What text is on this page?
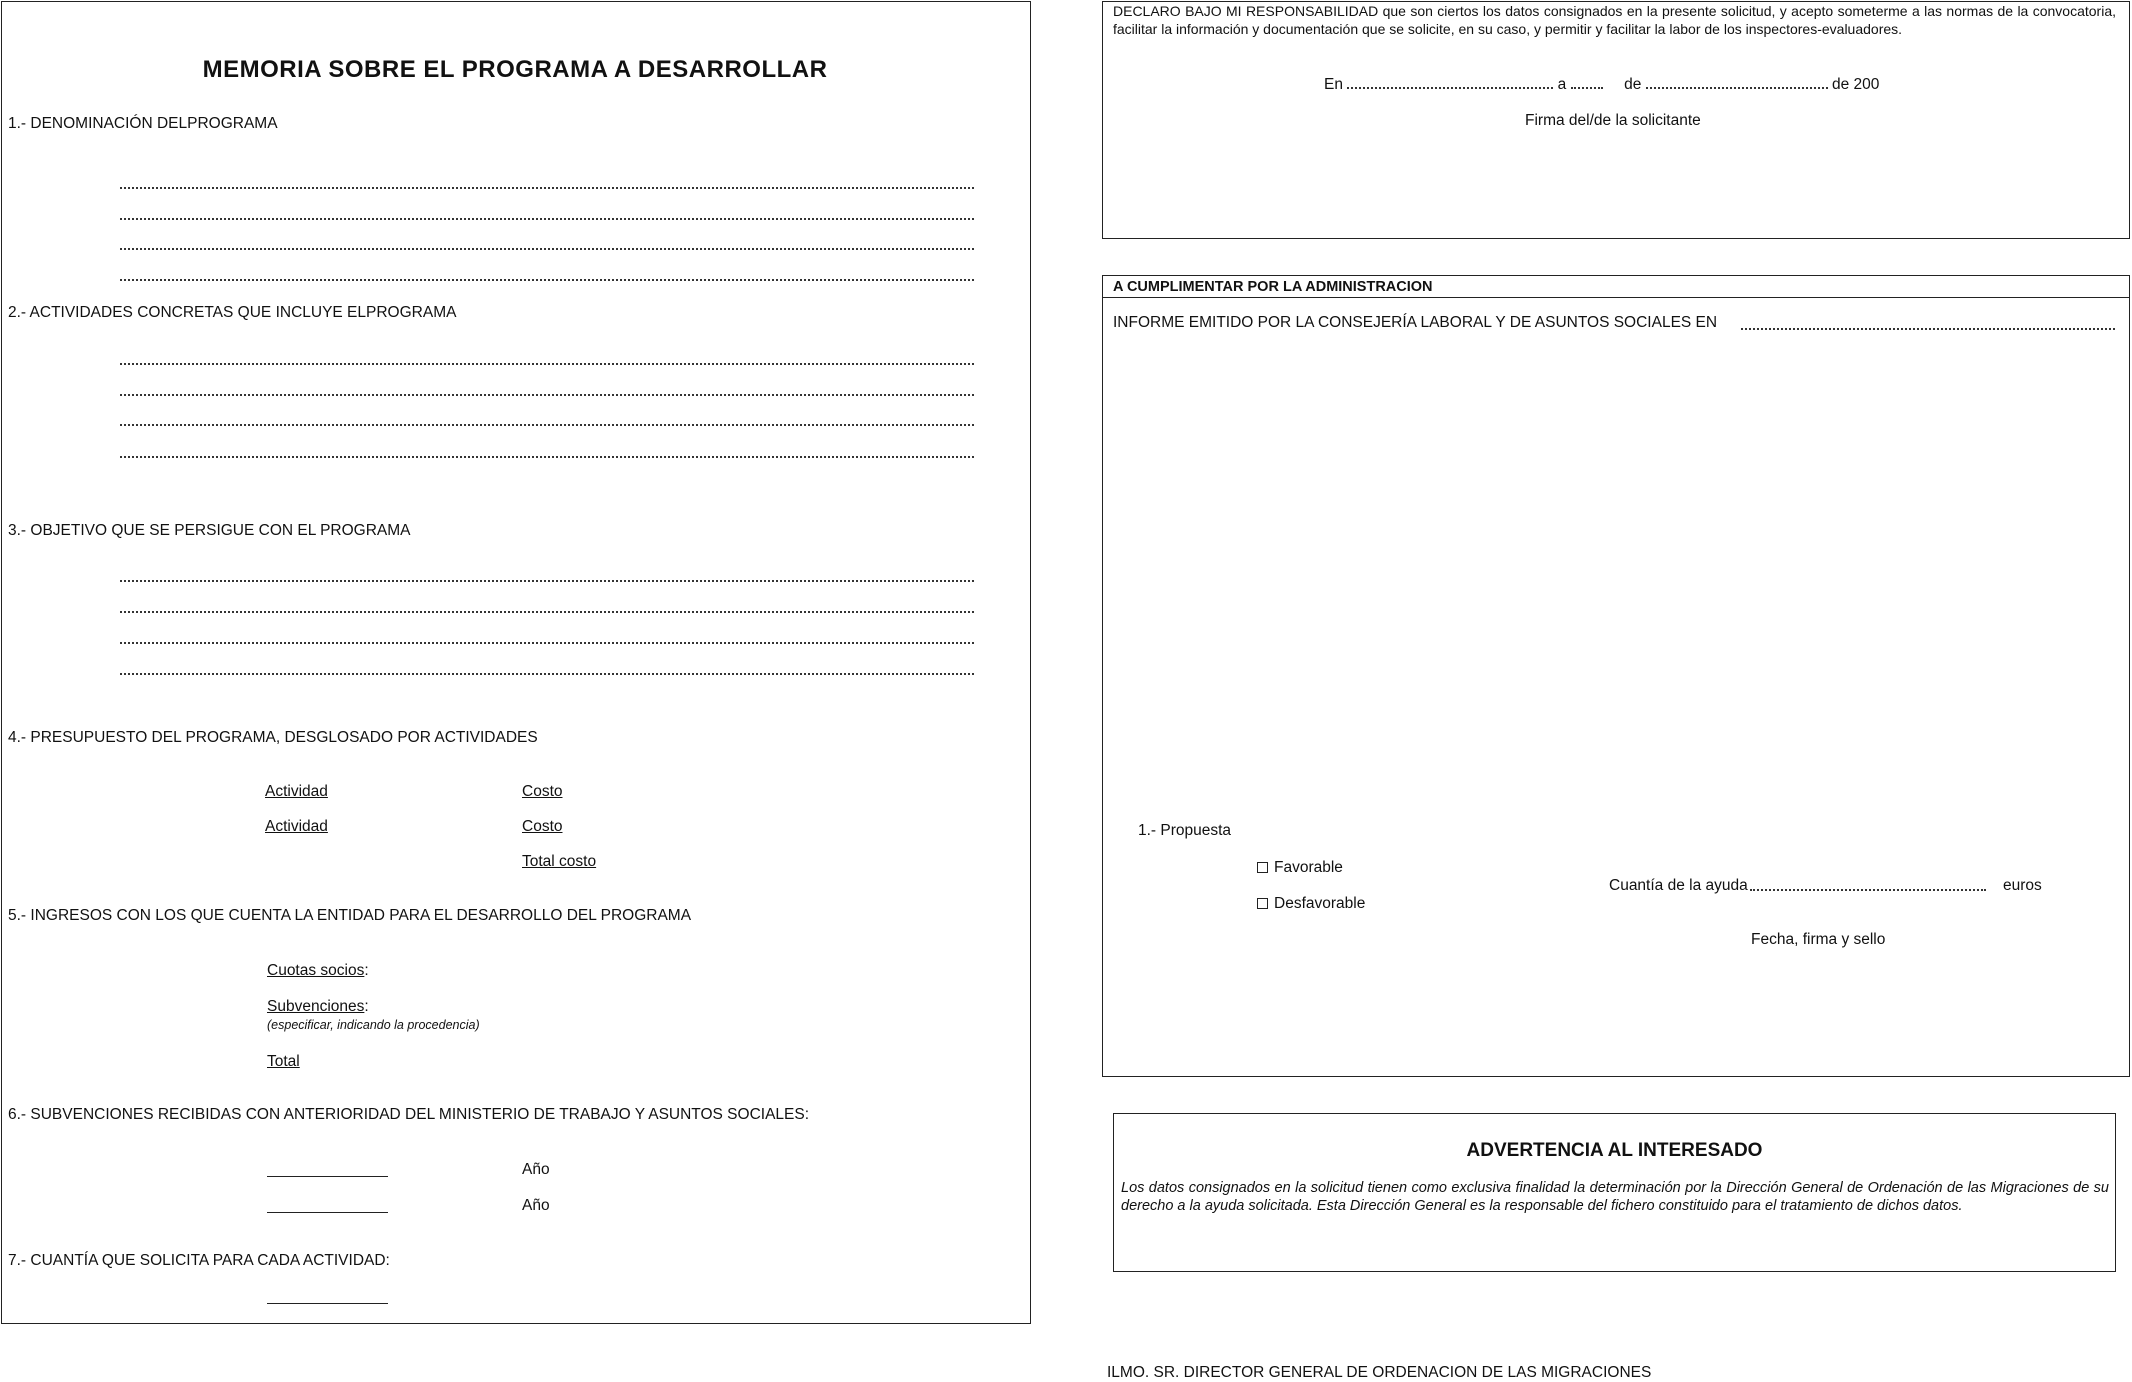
MEMORIA SOBRE EL PROGRAMA A DESARROLLAR
1.- DENOMINACIÓN DELPROGRAMA
2.- ACTIVIDADES CONCRETAS QUE INCLUYE ELPROGRAMA
3.- OBJETIVO QUE SE PERSIGUE CON EL PROGRAMA
4.- PRESUPUESTO DEL PROGRAMA, DESGLOSADO POR ACTIVIDADES
Actividad	Costo
Actividad	Costo
Total costo
5.- INGRESOS CON LOS QUE CUENTA LA ENTIDAD PARA EL DESARROLLO DEL PROGRAMA
Cuotas socios:
Subvenciones:
(especificar, indicando la procedencia)
Total
6.- SUBVENCIONES RECIBIDAS CON ANTERIORIDAD DEL MINISTERIO DE TRABAJO Y ASUNTOS SOCIALES:
Año
Año
7.- CUANTÍA QUE SOLICITA PARA CADA ACTIVIDAD:
DECLARO BAJO MI RESPONSABILIDAD que son ciertos los datos consignados en la presente solicitud, y acepto someterme a las normas de la convocatoria, facilitar la información y documentación que se solicite, en su caso, y permitir y facilitar la labor de los inspectores-evaluadores.
En	a	de	de 200
Firma del/de la solicitante
A CUMPLIMENTAR POR LA ADMINISTRACION
INFORME EMITIDO POR LA CONSEJERÍA LABORAL Y DE ASUNTOS SOCIALES EN
1.- Propuesta
Favorable
Desfavorable
Cuantía de la ayuda	euros
Fecha, firma y sello
ADVERTENCIA AL INTERESADO
Los datos consignados en la solicitud tienen como exclusiva finalidad la determinación por la Dirección General de Ordenación de las Migraciones de su derecho a la ayuda solicitada. Esta Dirección General es la responsable del fichero constituido para el tratamiento de dichos datos.
ILMO. SR. DIRECTOR GENERAL DE ORDENACION DE LAS MIGRACIONES
